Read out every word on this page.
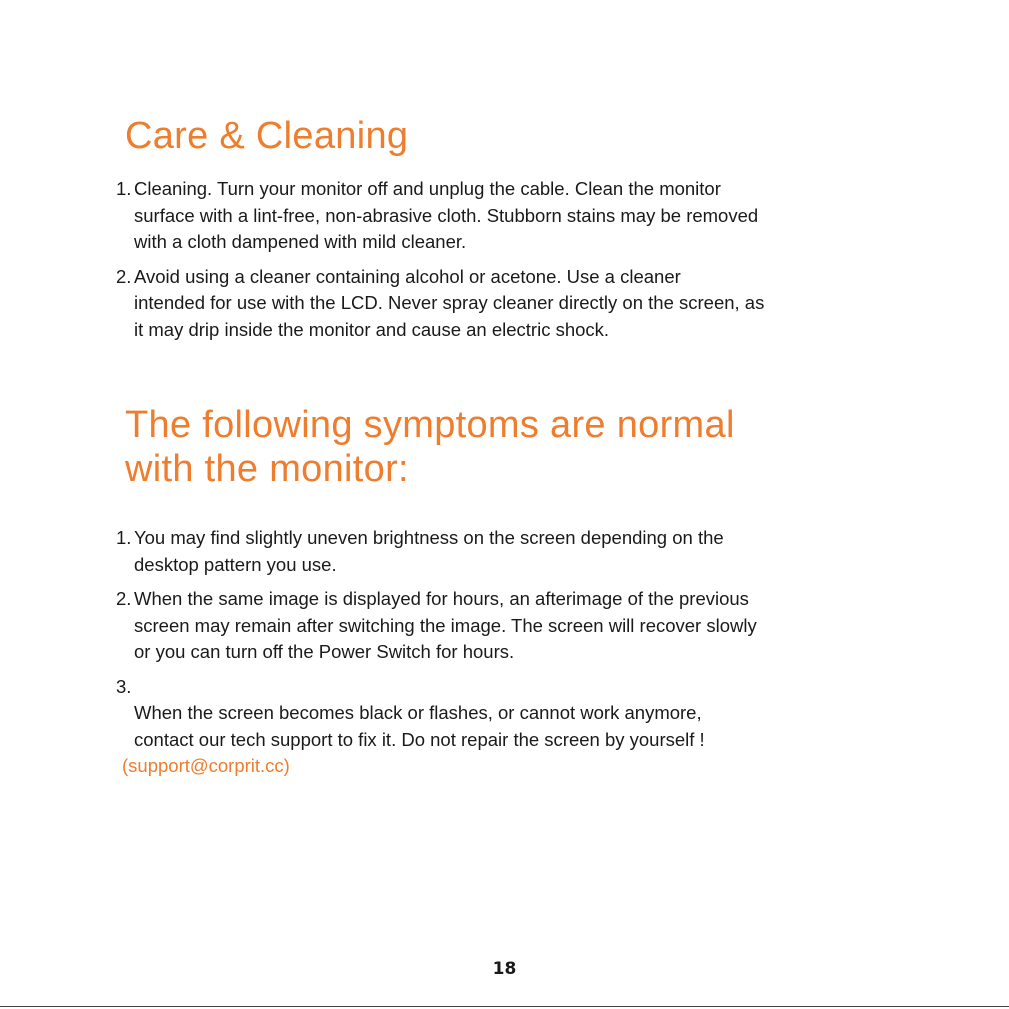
Care & Cleaning
1. Cleaning. Turn your monitor off and unplug the cable. Clean the monitor
surface with a lint-free, non-abrasive cloth. Stubborn stains may be removed
with a cloth dampened with mild cleaner.
2. Avoid using a cleaner containing alcohol or acetone. Use a cleaner
intended for use with the LCD. Never spray cleaner directly on the screen, as
it may drip inside the monitor and cause an electric shock.
The following symptoms are normal
with the monitor:
1. You may find slightly uneven brightness on the screen depending on the
desktop pattern you use.
2. When the same image is displayed for hours, an afterimage of the previous
screen may remain after switching the image. The screen will recover slowly
or you can turn off the Power Switch for hours.
3.

When the screen becomes black or flashes, or cannot work anymore,
contact our tech support to fix it. Do not repair the screen by yourself !

(support@corprit.cc)

18
